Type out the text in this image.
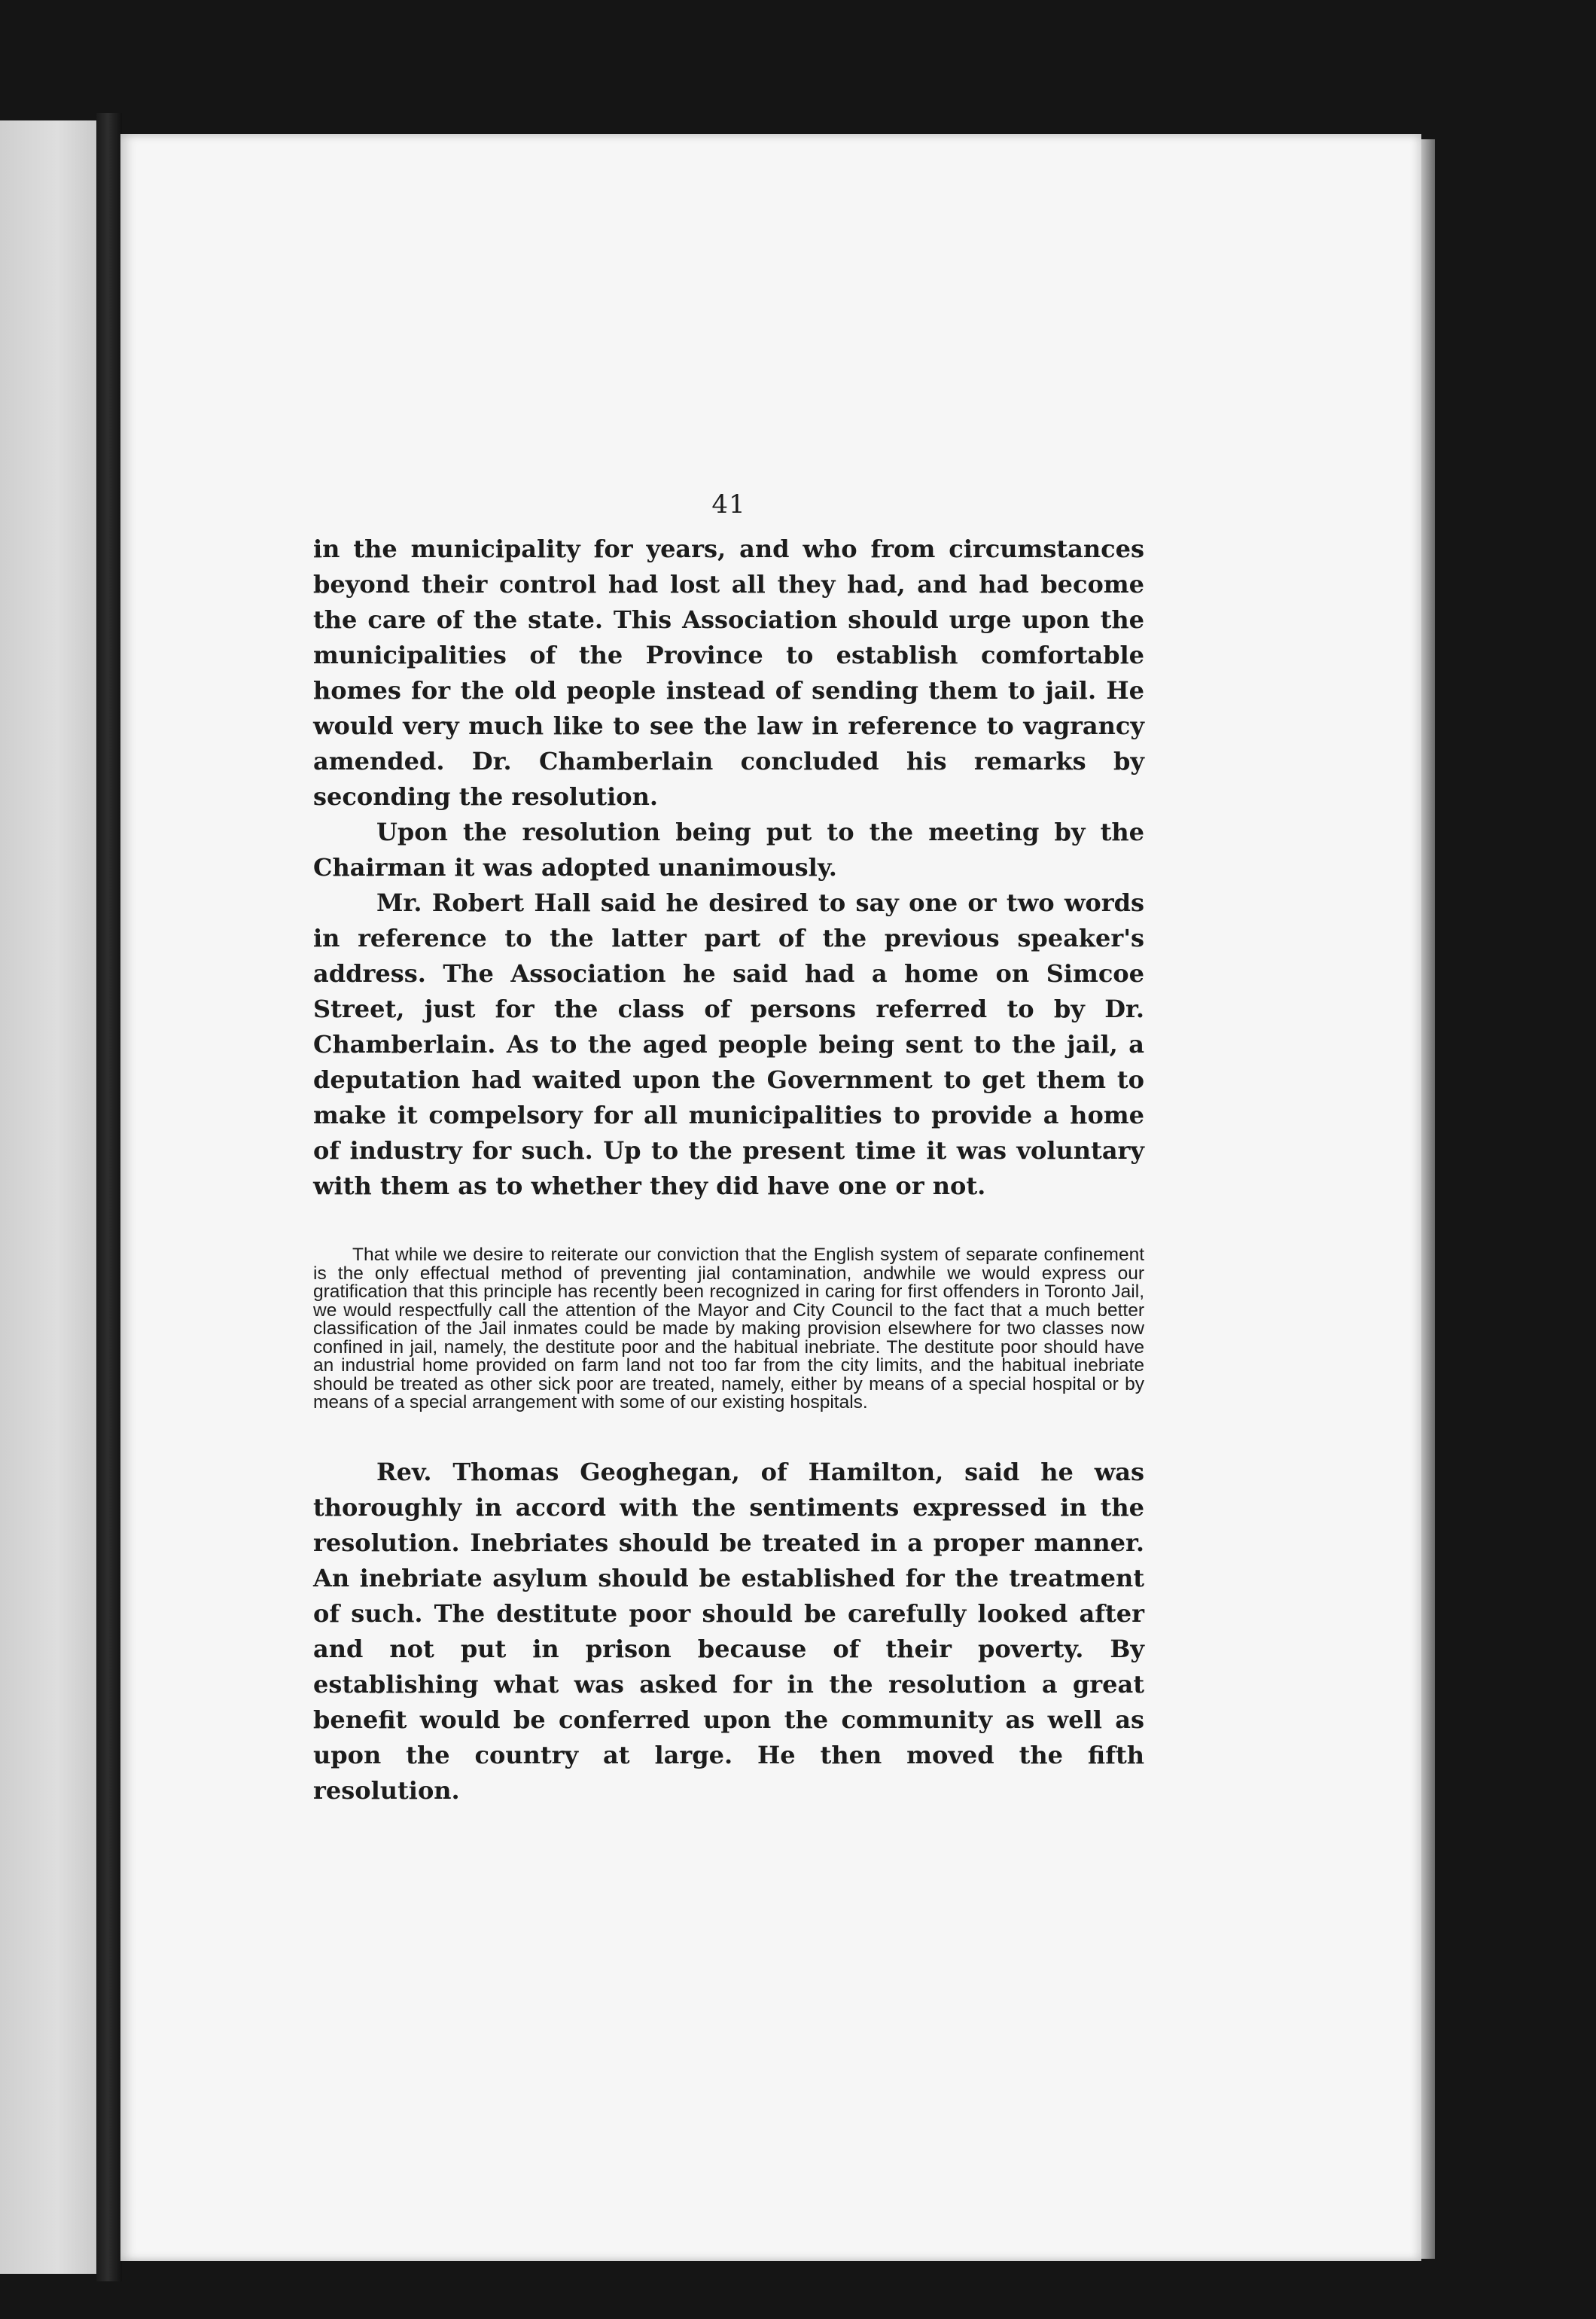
41

in the municipality for years, and who from circumstances beyond their control had lost all they had, and had become the care of the state. This Association should urge upon the municipalities of the Province to establish comfortable homes for the old people instead of sending them to jail. He would very much like to see the law in reference to vagrancy amended. Dr. Chamberlain concluded his remarks by seconding the resolution.

Upon the resolution being put to the meeting by the Chairman it was adopted unanimously.

Mr. Robert Hall said he desired to say one or two words in reference to the latter part of the previous speaker's address. The Association he said had a home on Simcoe Street, just for the class of persons referred to by Dr. Chamberlain. As to the aged people being sent to the jail, a deputation had waited upon the Government to get them to make it compelsory for all municipalities to provide a home of industry for such. Up to the present time it was voluntary with them as to whether they did have one or not.

That while we desire to reiterate our conviction that the English system of separate confinement is the only effectual method of preventing jial contamination, andwhile we would express our gratification that this principle has recently been recognized in caring for first offenders in Toronto Jail, we would respectfully call the attention of the Mayor and City Council to the fact that a much better classification of the Jail inmates could be made by making provision elsewhere for two classes now confined in jail, namely, the destitute poor and the habitual inebriate. The destitute poor should have an industrial home provided on farm land not too far from the city limits, and the habitual inebriate should be treated as other sick poor are treated, namely, either by means of a special hospital or by means of a special arrangement with some of our existing hospitals.

Rev. Thomas Geoghegan, of Hamilton, said he was thoroughly in accord with the sentiments expressed in the resolution. Inebriates should be treated in a proper manner. An inebriate asylum should be established for the treatment of such. The destitute poor should be carefully looked after and not put in prison because of their poverty. By establishing what was asked for in the resolution a great benefit would be conferred upon the community as well as upon the country at large. He then moved the fifth resolution.
